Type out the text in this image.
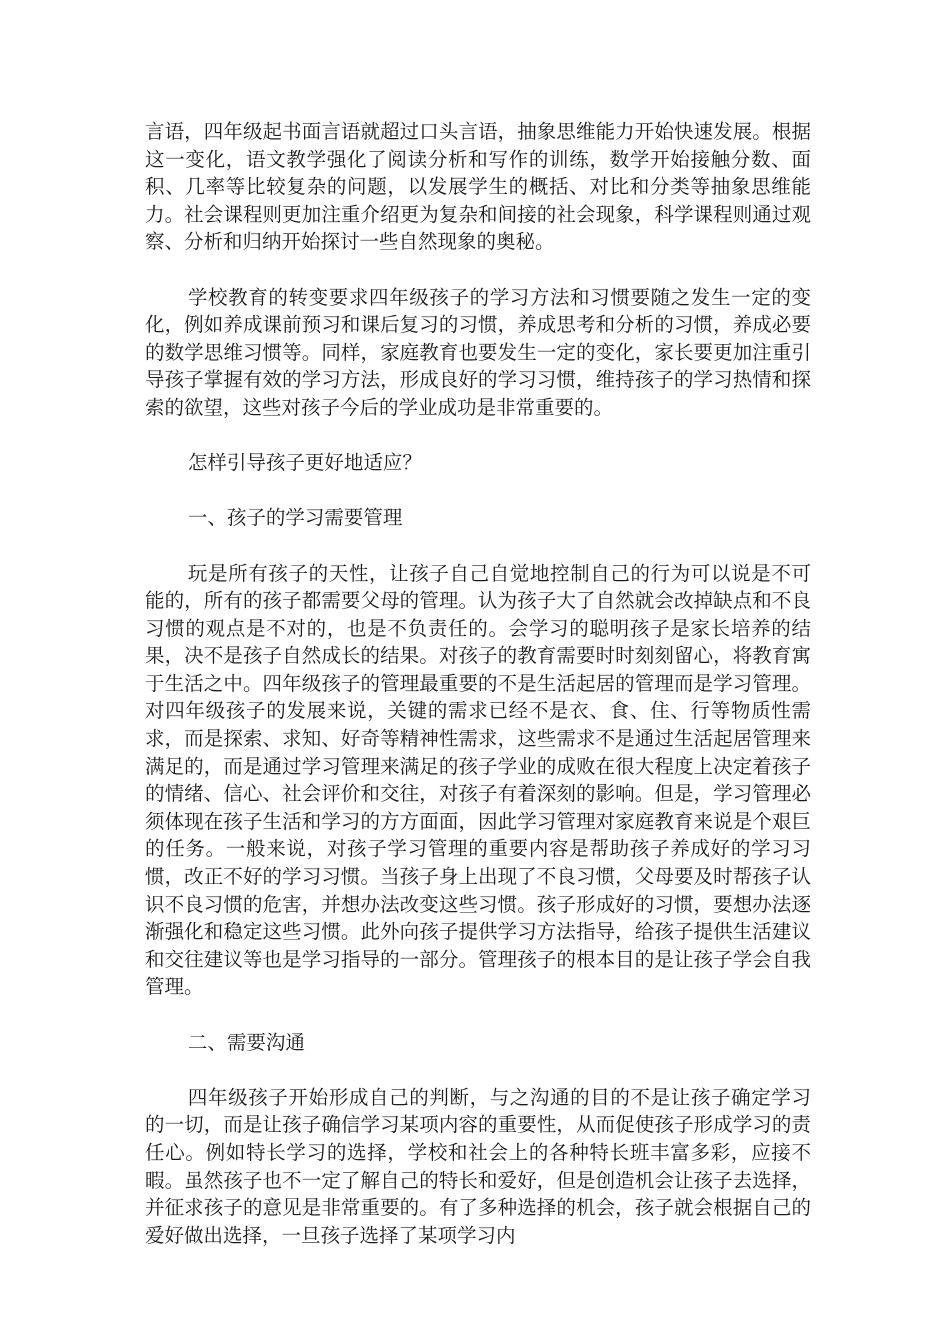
言语，四年级起书面言语就超过口头言语，抽象思维能力开始快速发展。根据这一变化，语文教学强化了阅读分析和写作的训练，数学开始接触分数、面积、几率等比较复杂的问题，以发展学生的概括、对比和分类等抽象思维能力。社会课程则更加注重介绍更为复杂和间接的社会现象，科学课程则通过观察、分析和归纳开始探讨一些自然现象的奥秘。

学校教育的转变要求四年级孩子的学习方法和习惯要随之发生一定的变化，例如养成课前预习和课后复习的习惯，养成思考和分析的习惯，养成必要的数学思维习惯等。同样，家庭教育也要发生一定的变化，家长要更加注重引导孩子掌握有效的学习方法，形成良好的学习习惯，维持孩子的学习热情和探索的欲望，这些对孩子今后的学业成功是非常重要的。

怎样引导孩子更好地适应？

一、孩子的学习需要管理

玩是所有孩子的天性，让孩子自己自觉地控制自己的行为可以说是不可能的，所有的孩子都需要父母的管理。认为孩子大了自然就会改掉缺点和不良习惯的观点是不对的，也是不负责任的。会学习的聪明孩子是家长培养的结果，决不是孩子自然成长的结果。对孩子的教育需要时时刻刻留心，将教育寓于生活之中。四年级孩子的管理最重要的不是生活起居的管理而是学习管理。对四年级孩子的发展来说，关键的需求已经不是衣、食、住、行等物质性需求，而是探索、求知、好奇等精神性需求，这些需求不是通过生活起居管理来满足的，而是通过学习管理来满足的孩子学业的成败在很大程度上决定着孩子的情绪、信心、社会评价和交往，对孩子有着深刻的影响。但是，学习管理必须体现在孩子生活和学习的方方面面，因此学习管理对家庭教育来说是个艰巨的任务。一般来说，对孩子学习管理的重要内容是帮助孩子养成好的学习习惯，改正不好的学习习惯。当孩子身上出现了不良习惯，父母要及时帮孩子认识不良习惯的危害，并想办法改变这些习惯。孩子形成好的习惯，要想办法逐渐强化和稳定这些习惯。此外向孩子提供学习方法指导，给孩子提供生活建议和交往建议等也是学习指导的一部分。管理孩子的根本目的是让孩子学会自我管理。

二、需要沟通

四年级孩子开始形成自己的判断，与之沟通的目的不是让孩子确定学习的一切，而是让孩子确信学习某项内容的重要性，从而促使孩子形成学习的责任心。例如特长学习的选择，学校和社会上的各种特长班丰富多彩，应接不暇。虽然孩子也不一定了解自己的特长和爱好，但是创造机会让孩子去选择，并征求孩子的意见是非常重要的。有了多种选择的机会，孩子就会根据自己的爱好做出选择，一旦孩子选择了某项学习内
